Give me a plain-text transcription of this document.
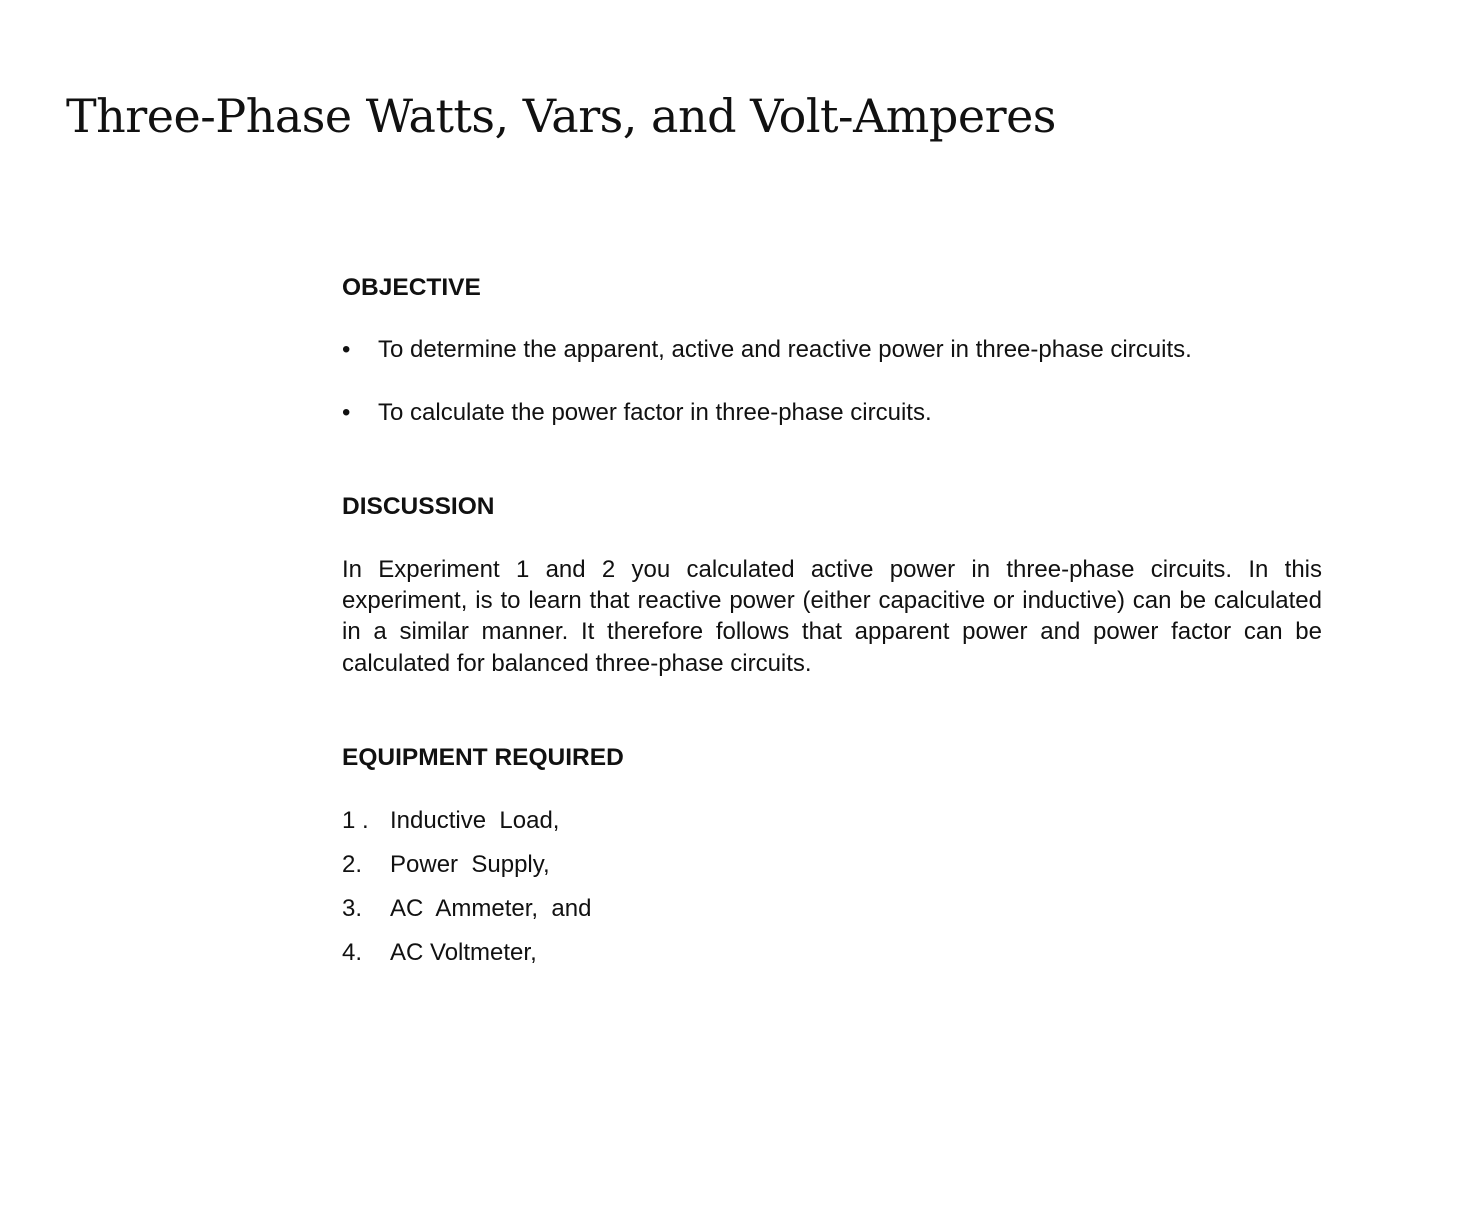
Three-Phase Watts, Vars, and Volt-Amperes
OBJECTIVE
• To determine the apparent, active and reactive power in three-phase circuits.
• To calculate the power factor in three-phase circuits.
DISCUSSION

In Experiment 1 and 2 you calculated active power in three-phase circuits. In this experiment, is to learn that reactive power (either capacitive or inductive) can be calculated in a similar manner. It therefore follows that apparent power and power factor can be calculated for balanced three-phase circuits.

EQUIPMENT REQUIRED
1 . Inductive  Load,
2. Power  Supply,
3. AC  Ammeter,  and
4. AC Voltmeter,
